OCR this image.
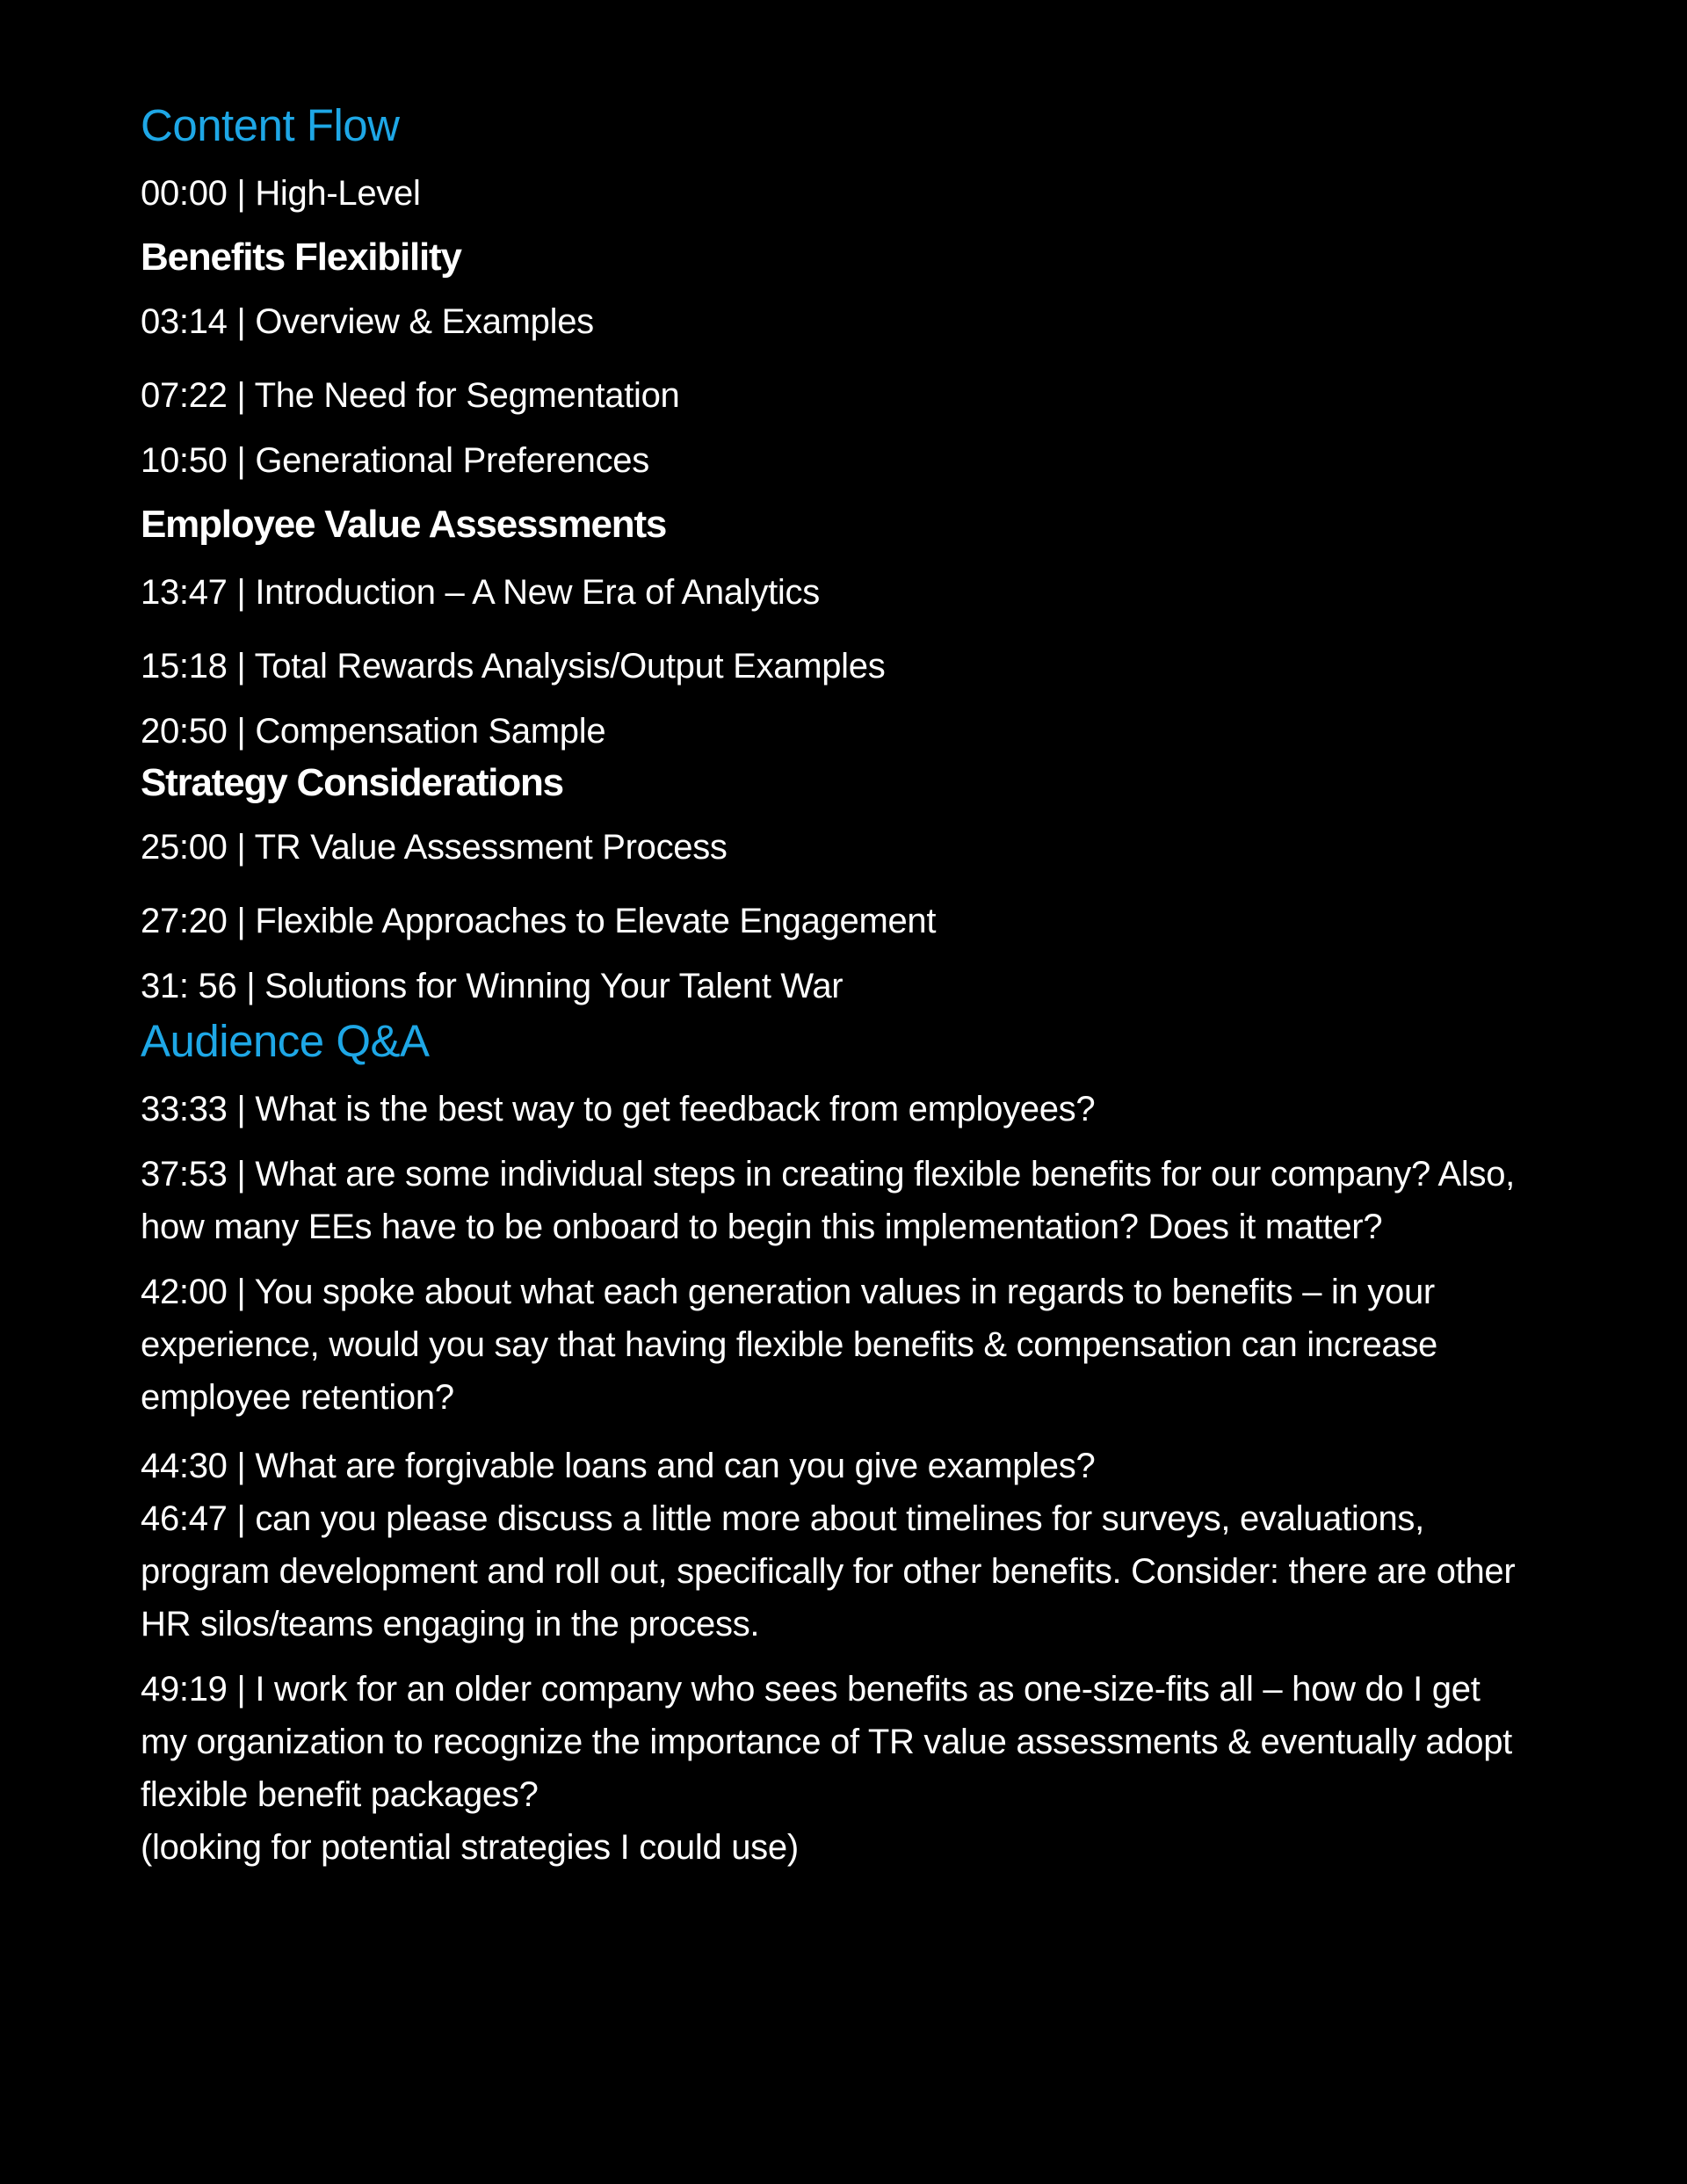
Content Flow

00:00 | High-Level

Benefits Flexibility

03:14 | Overview & Examples

07:22 | The Need for Segmentation

10:50 | Generational Preferences

Employee Value Assessments

13:47 | Introduction – A New Era of Analytics

15:18 | Total Rewards Analysis/Output Examples

20:50 | Compensation Sample

Strategy Considerations

25:00 | TR Value Assessment Process

27:20 | Flexible Approaches to Elevate Engagement

31: 56 | Solutions for Winning Your Talent War

Audience Q&A

33:33 | What is the best way to get feedback from employees?

37:53 | What are some individual steps in creating flexible benefits for our company? Also, how many EEs have to be onboard to begin this implementation? Does it matter?

42:00 | You spoke about what each generation values in regards to benefits – in your experience, would you say that having flexible benefits & compensation can increase employee retention?

44:30 | What are forgivable loans and can you give examples?

46:47 | can you please discuss a little more about timelines for surveys, evaluations, program development and roll out, specifically for other benefits. Consider: there are other HR silos/teams engaging in the process.

49:19 | I work for an older company who sees benefits as one-size-fits all – how do I get my organization to recognize the importance of TR value assessments & eventually adopt flexible benefit packages?

(looking for potential strategies I could use)
